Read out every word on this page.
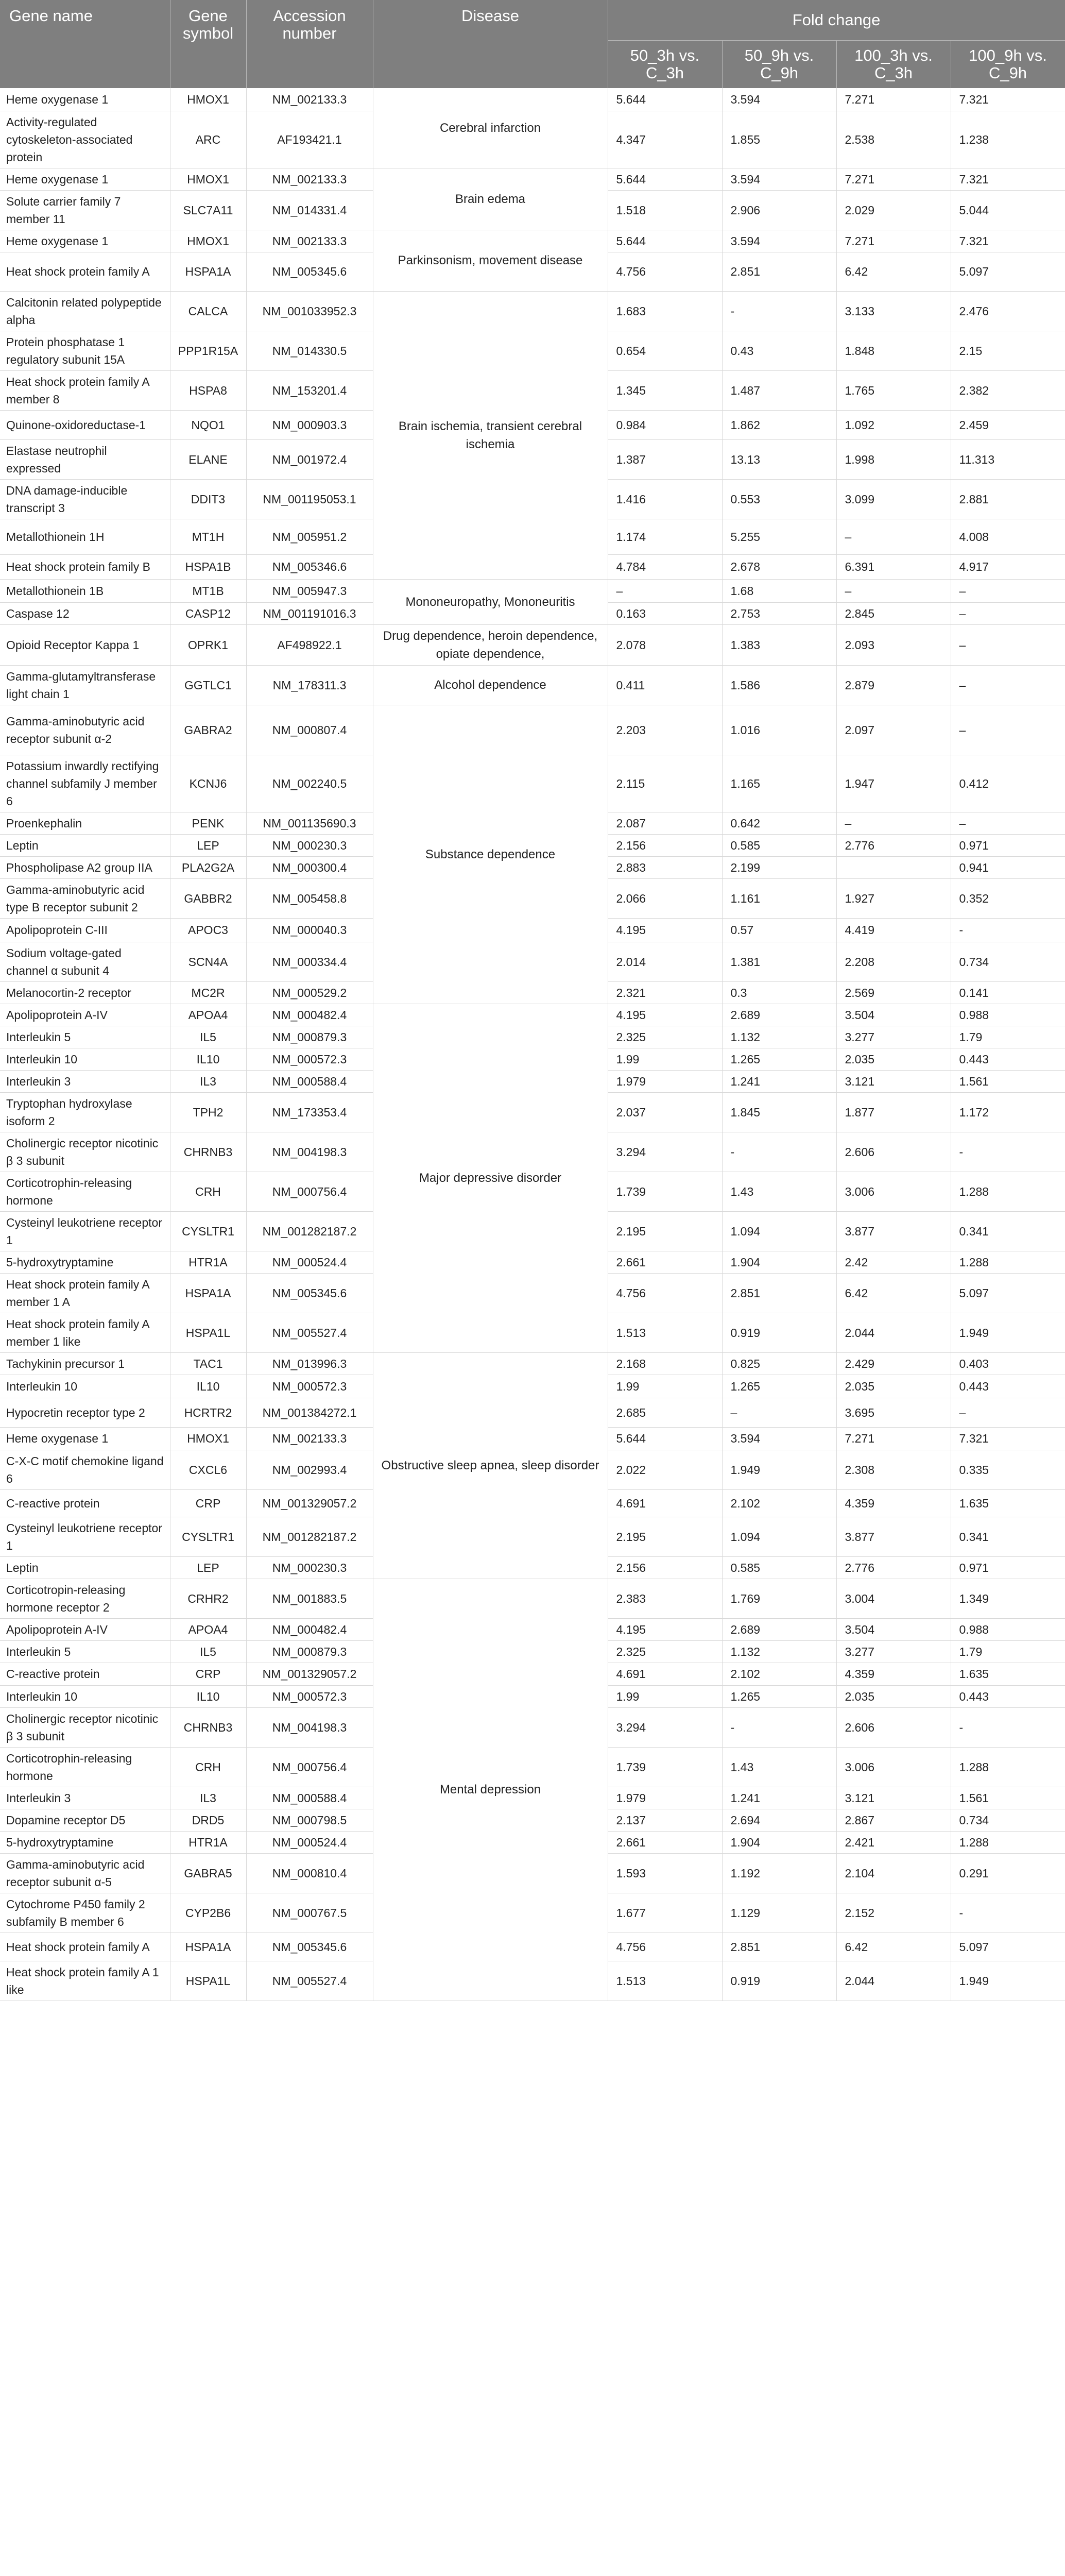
Gene name	Gene symbol	Accession number	Disease	Fold change			
				50_3h vs. C_3h	50_9h vs. C_9h	100_3h vs. C_3h	100_9h vs. C_9h
Heme oxygenase 1	HMOX1	NM_002133.3	Cerebral infarction	5.644	3.594	7.271	7.321
Activity-regulated cytoskeleton-associated protein	ARC	AF193421.1		4.347	1.855	2.538	1.238
Heme oxygenase 1	HMOX1	NM_002133.3	Brain edema	5.644	3.594	7.271	7.321
Solute carrier family 7 member 11	SLC7A11	NM_014331.4		1.518	2.906	2.029	5.044
Heme oxygenase 1	HMOX1	NM_002133.3	Parkinsonism, movement disease	5.644	3.594	7.271	7.321
Heat shock protein family A	HSPA1A	NM_005345.6		4.756	2.851	6.42	5.097
Calcitonin related polypeptide alpha	CALCA	NM_001033952.3	Brain ischemia, transient cerebral ischemia	1.683	-	3.133	2.476
Protein phosphatase 1 regulatory subunit 15A	PPP1R15A	NM_014330.5		0.654	0.43	1.848	2.15
Heat shock protein family A member 8	HSPA8	NM_153201.4		1.345	1.487	1.765	2.382
Quinone-oxidoreductase-1	NQO1	NM_000903.3		0.984	1.862	1.092	2.459
Elastase neutrophil expressed	ELANE	NM_001972.4		1.387	13.13	1.998	11.313
DNA damage-inducible transcript 3	DDIT3	NM_001195053.1		1.416	0.553	3.099	2.881
Metallothionein 1H	MT1H	NM_005951.2		1.174	5.255	–	4.008
Heat shock protein family B	HSPA1B	NM_005346.6		4.784	2.678	6.391	4.917
Metallothionein 1B	MT1B	NM_005947.3	Mononeuropathy, Mononeuritis	–	1.68	–	–
Caspase 12	CASP12	NM_001191016.3		0.163	2.753	2.845	–
Opioid Receptor Kappa 1	OPRK1	AF498922.1	Drug dependence, heroin dependence, opiate dependence,	2.078	1.383	2.093	–
Gamma-glutamyltransferase light chain 1	GGTLC1	NM_178311.3	Alcohol dependence	0.411	1.586	2.879	–
Gamma-aminobutyric acid receptor subunit α-2	GABRA2	NM_000807.4	Substance dependence	2.203	1.016	2.097	–
Potassium inwardly rectifying channel subfamily J member 6	KCNJ6	NM_002240.5		2.115	1.165	1.947	0.412
Proenkephalin	PENK	NM_001135690.3		2.087	0.642	–	–
Leptin	LEP	NM_000230.3		2.156	0.585	2.776	0.971
Phospholipase A2 group IIA	PLA2G2A	NM_000300.4		2.883	2.199		0.941
Gamma-aminobutyric acid type B receptor subunit 2	GABBR2	NM_005458.8		2.066	1.161	1.927	0.352
Apolipoprotein C-III	APOC3	NM_000040.3		4.195	0.57	4.419	-
Sodium voltage-gated channel α subunit 4	SCN4A	NM_000334.4		2.014	1.381	2.208	0.734
Melanocortin-2 receptor	MC2R	NM_000529.2		2.321	0.3	2.569	0.141
Apolipoprotein A-IV	APOA4	NM_000482.4	Major depressive disorder	4.195	2.689	3.504	0.988
Interleukin 5	IL5	NM_000879.3		2.325	1.132	3.277	1.79
Interleukin 10	IL10	NM_000572.3		1.99	1.265	2.035	0.443
Interleukin 3	IL3	NM_000588.4		1.979	1.241	3.121	1.561
Tryptophan hydroxylase isoform 2	TPH2	NM_173353.4		2.037	1.845	1.877	1.172
Cholinergic receptor nicotinic β 3 subunit	CHRNB3	NM_004198.3		3.294	-	2.606	-
Corticotrophin-releasing hormone	CRH	NM_000756.4		1.739	1.43	3.006	1.288
Cysteinyl leukotriene receptor 1	CYSLTR1	NM_001282187.2		2.195	1.094	3.877	0.341
5-hydroxytryptamine	HTR1A	NM_000524.4		2.661	1.904	2.42	1.288
Heat shock protein family A member 1 A	HSPA1A	NM_005345.6		4.756	2.851	6.42	5.097
Heat shock protein family A member 1 like	HSPA1L	NM_005527.4		1.513	0.919	2.044	1.949
Tachykinin precursor 1	TAC1	NM_013996.3	Obstructive sleep apnea, sleep disorder	2.168	0.825	2.429	0.403
Interleukin 10	IL10	NM_000572.3		1.99	1.265	2.035	0.443
Hypocretin receptor type 2	HCRTR2	NM_001384272.1		2.685	–	3.695	–
Heme oxygenase 1	HMOX1	NM_002133.3		5.644	3.594	7.271	7.321
C-X-C motif chemokine ligand 6	CXCL6	NM_002993.4		2.022	1.949	2.308	0.335
C-reactive protein	CRP	NM_001329057.2		4.691	2.102	4.359	1.635
Cysteinyl leukotriene receptor 1	CYSLTR1	NM_001282187.2		2.195	1.094	3.877	0.341
Leptin	LEP	NM_000230.3		2.156	0.585	2.776	0.971
Corticotropin-releasing hormone receptor 2	CRHR2	NM_001883.5	Mental depression	2.383	1.769	3.004	1.349
Apolipoprotein A-IV	APOA4	NM_000482.4		4.195	2.689	3.504	0.988
Interleukin 5	IL5	NM_000879.3		2.325	1.132	3.277	1.79
C-reactive protein	CRP	NM_001329057.2		4.691	2.102	4.359	1.635
Interleukin 10	IL10	NM_000572.3		1.99	1.265	2.035	0.443
Cholinergic receptor nicotinic β 3 subunit	CHRNB3	NM_004198.3		3.294	-	2.606	-
Corticotrophin-releasing hormone	CRH	NM_000756.4		1.739	1.43	3.006	1.288
Interleukin 3	IL3	NM_000588.4		1.979	1.241	3.121	1.561
Dopamine receptor D5	DRD5	NM_000798.5		2.137	2.694	2.867	0.734
5-hydroxytryptamine	HTR1A	NM_000524.4		2.661	1.904	2.421	1.288
Gamma-aminobutyric acid receptor subunit α-5	GABRA5	NM_000810.4		1.593	1.192	2.104	0.291
Cytochrome P450 family 2 subfamily B member 6	CYP2B6	NM_000767.5		1.677	1.129	2.152	-
Heat shock protein family A	HSPA1A	NM_005345.6		4.756	2.851	6.42	5.097
Heat shock protein family A 1 like	HSPA1L	NM_005527.4		1.513	0.919	2.044	1.949
